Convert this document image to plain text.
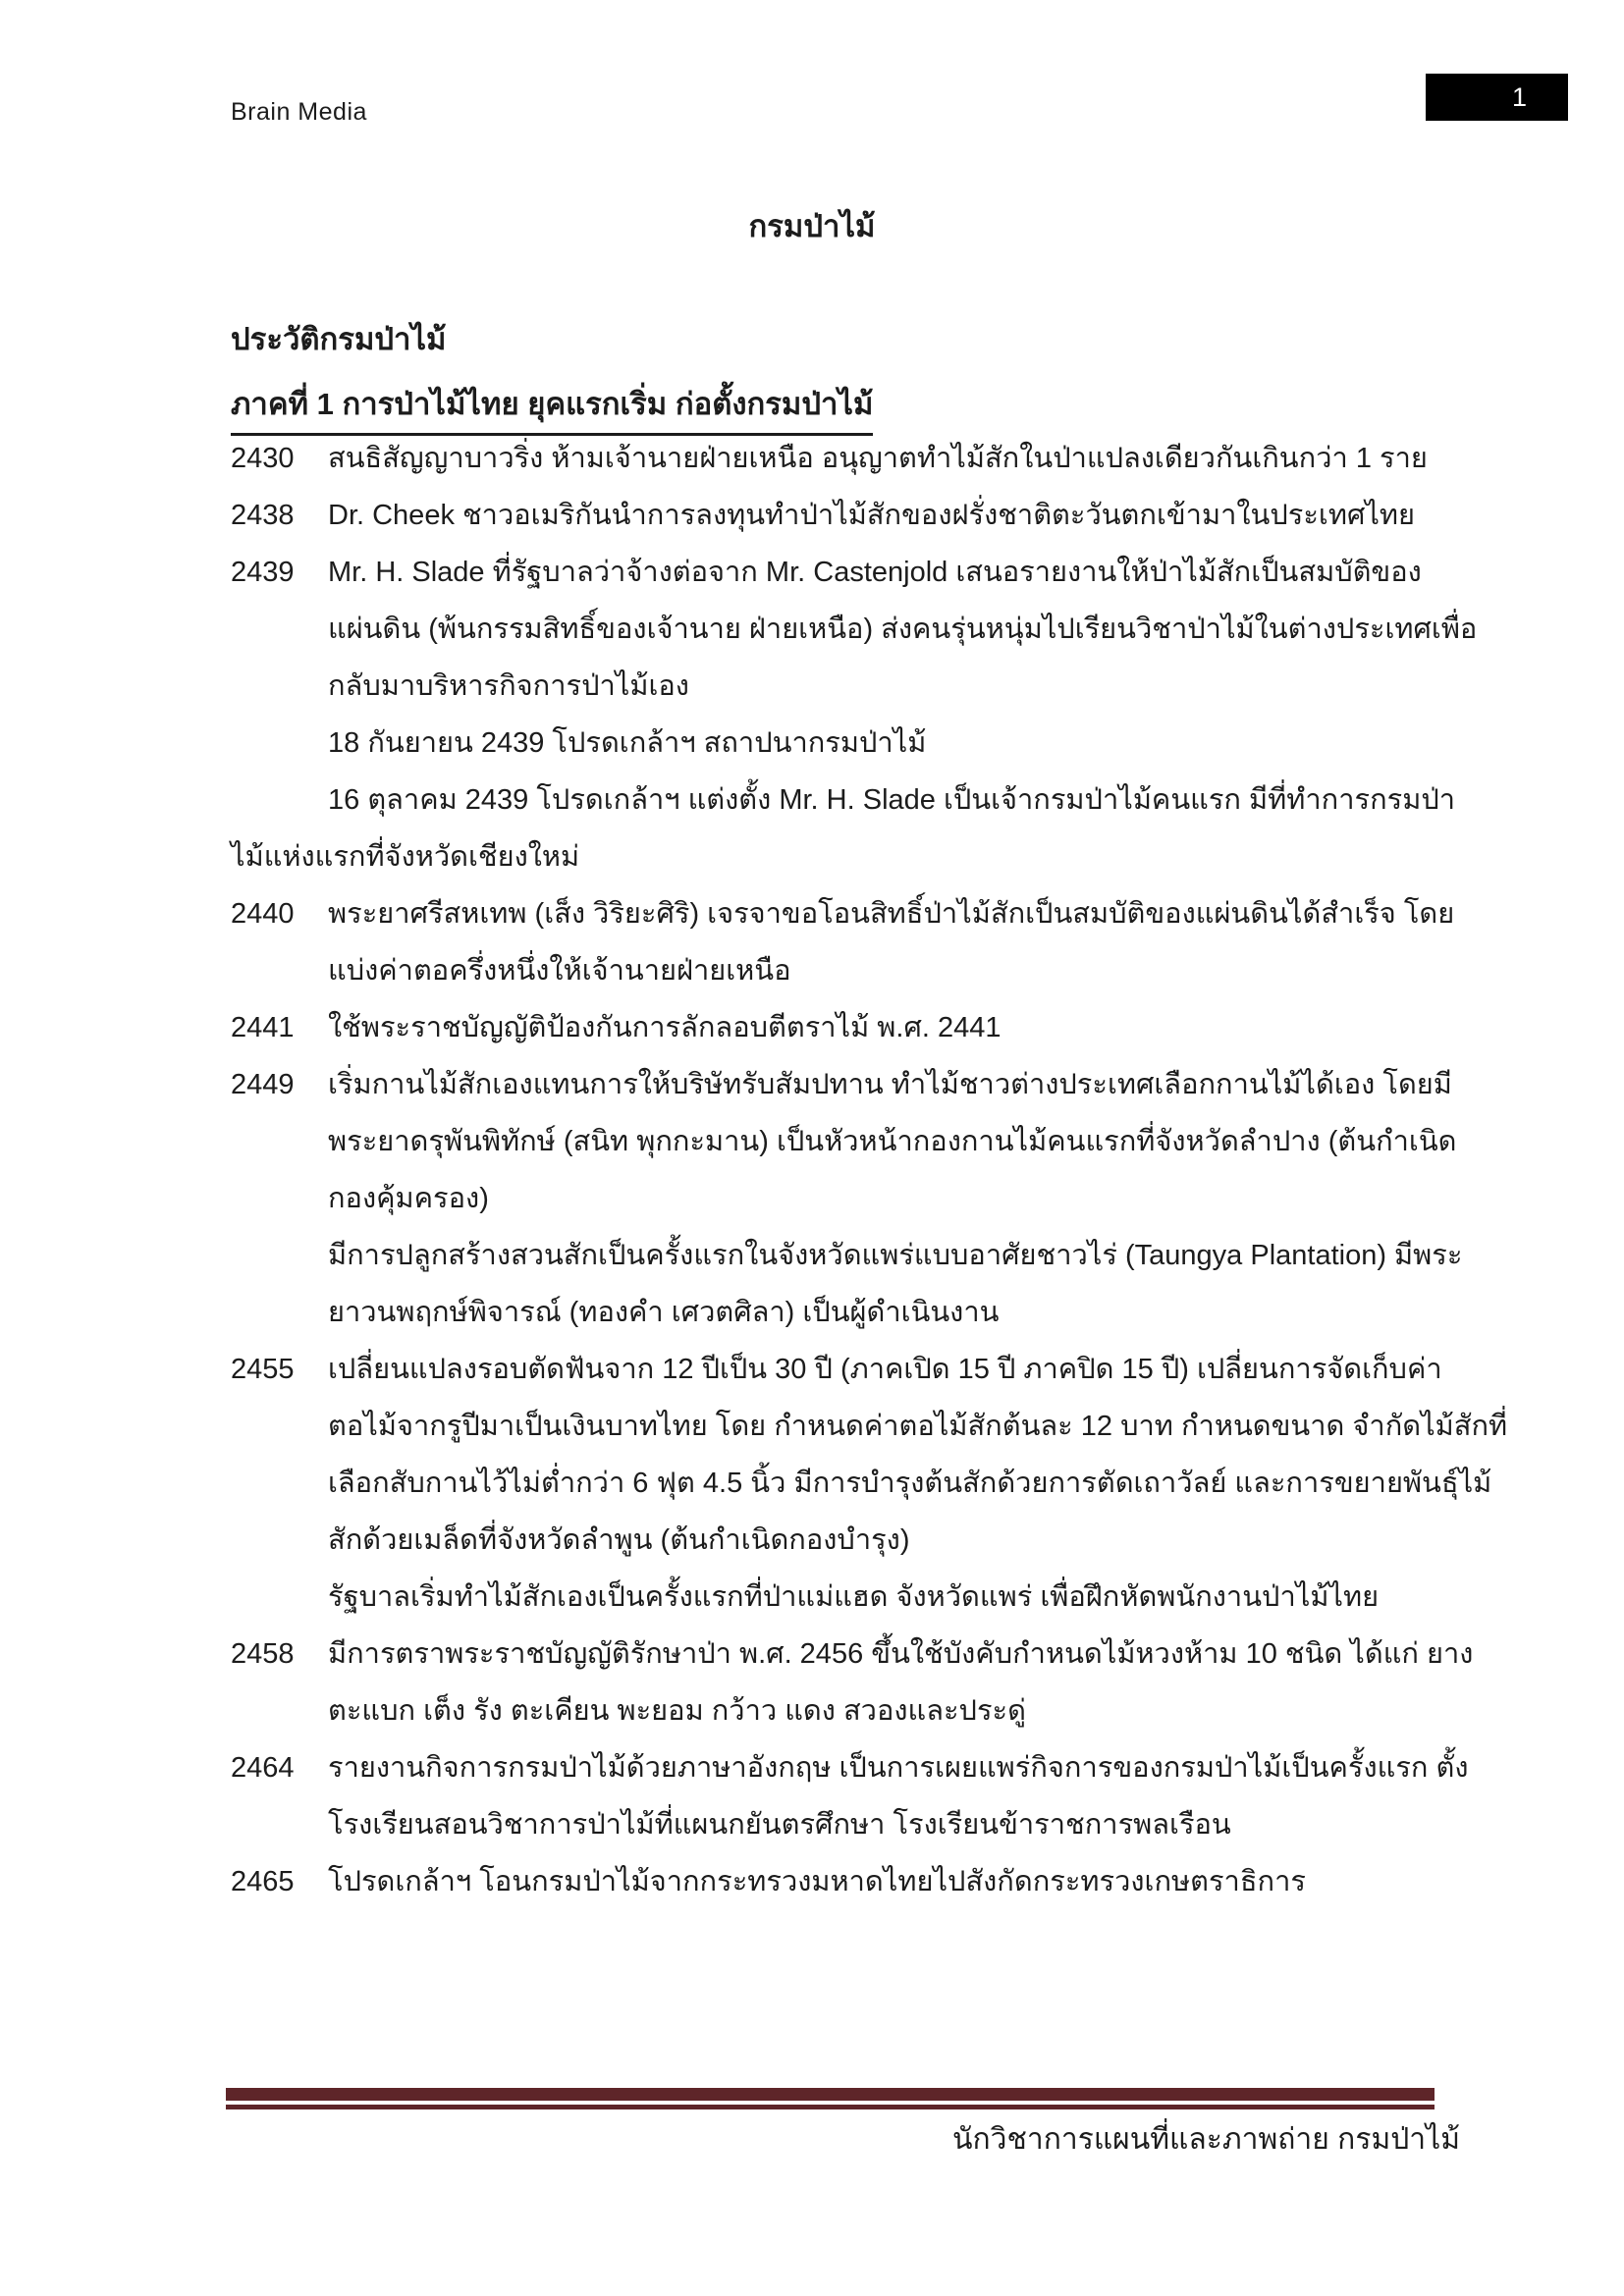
Brain Media
1
กรมป่าไม้
ประวัติกรมป่าไม้
ภาคที่ 1 การป่าไม้ไทย ยุคแรกเริ่ม ก่อตั้งกรมป่าไม้
2430 สนธิสัญญาบาวริ่ง ห้ามเจ้านายฝ่ายเหนือ อนุญาตทำไม้สักในป่าแปลงเดียวกันเกินกว่า 1 ราย
2438 Dr. Cheek ชาวอเมริกันนำการลงทุนทำป่าไม้สักของฝรั่งชาติตะวันตกเข้ามาในประเทศไทย
2439 Mr. H. Slade ที่รัฐบาลว่าจ้างต่อจาก Mr. Castenjold เสนอรายงานให้ป่าไม้สักเป็นสมบัติของ
แผ่นดิน (พ้นกรรมสิทธิ์ของเจ้านาย ฝ่ายเหนือ) ส่งคนรุ่นหนุ่มไปเรียนวิชาป่าไม้ในต่างประเทศเพื่อ
กลับมาบริหารกิจการป่าไม้เอง
18 กันยายน 2439 โปรดเกล้าฯ สถาปนากรมป่าไม้
16 ตุลาคม 2439 โปรดเกล้าฯ แต่งตั้ง Mr. H. Slade เป็นเจ้ากรมป่าไม้คนแรก มีที่ทำการกรมป่า
ไม้แห่งแรกที่จังหวัดเชียงใหม่
2440 พระยาศรีสหเทพ (เส็ง วิริยะศิริ) เจรจาขอโอนสิทธิ์ป่าไม้สักเป็นสมบัติของแผ่นดินได้สำเร็จ โดย
แบ่งค่าตอครึ่งหนึ่งให้เจ้านายฝ่ายเหนือ
2441 ใช้พระราชบัญญัติป้องกันการลักลอบตีตราไม้ พ.ศ. 2441
2449 เริ่มกานไม้สักเองแทนการให้บริษัทรับสัมปทาน ทำไม้ชาวต่างประเทศเลือกกานไม้ได้เอง โดยมี
พระยาดรุพันพิทักษ์ (สนิท พุกกะมาน) เป็นหัวหน้ากองกานไม้คนแรกที่จังหวัดลำปาง (ต้นกำเนิด
กองคุ้มครอง)
มีการปลูกสร้างสวนสักเป็นครั้งแรกในจังหวัดแพร่แบบอาศัยชาวไร่ (Taungya Plantation) มีพระ
ยาวนพฤกษ์พิจารณ์ (ทองคำ เศวตศิลา) เป็นผู้ดำเนินงาน
2455 เปลี่ยนแปลงรอบตัดฟันจาก 12 ปีเป็น 30 ปี (ภาคเปิด 15 ปี ภาคปิด 15 ปี) เปลี่ยนการจัดเก็บค่า
ตอไม้จากรูปีมาเป็นเงินบาทไทย โดย กำหนดค่าตอไม้สักต้นละ 12 บาท กำหนดขนาด จำกัดไม้สักที่
เลือกสับกานไว้ไม่ต่ำกว่า 6 ฟุต 4.5 นิ้ว มีการบำรุงต้นสักด้วยการตัดเถาวัลย์ และการขยายพันธุ์ไม้
สักด้วยเมล็ดที่จังหวัดลำพูน (ต้นกำเนิดกองบำรุง)
รัฐบาลเริ่มทำไม้สักเองเป็นครั้งแรกที่ป่าแม่แฮด จังหวัดแพร่ เพื่อฝึกหัดพนักงานป่าไม้ไทย
2458 มีการตราพระราชบัญญัติรักษาป่า พ.ศ. 2456 ขึ้นใช้บังคับกำหนดไม้หวงห้าม 10 ชนิด ได้แก่ ยาง
ตะแบก เต็ง รัง ตะเคียน พะยอม กว้าว แดง สวองและประดู่
2464 รายงานกิจการกรมป่าไม้ด้วยภาษาอังกฤษ เป็นการเผยแพร่กิจการของกรมป่าไม้เป็นครั้งแรก ตั้ง
โรงเรียนสอนวิชาการป่าไม้ที่แผนกยันตรศึกษา โรงเรียนข้าราชการพลเรือน
2465 โปรดเกล้าฯ โอนกรมป่าไม้จากกระทรวงมหาดไทยไปสังกัดกระทรวงเกษตราธิการ
นักวิชาการแผนที่และภาพถ่าย กรมป่าไม้
